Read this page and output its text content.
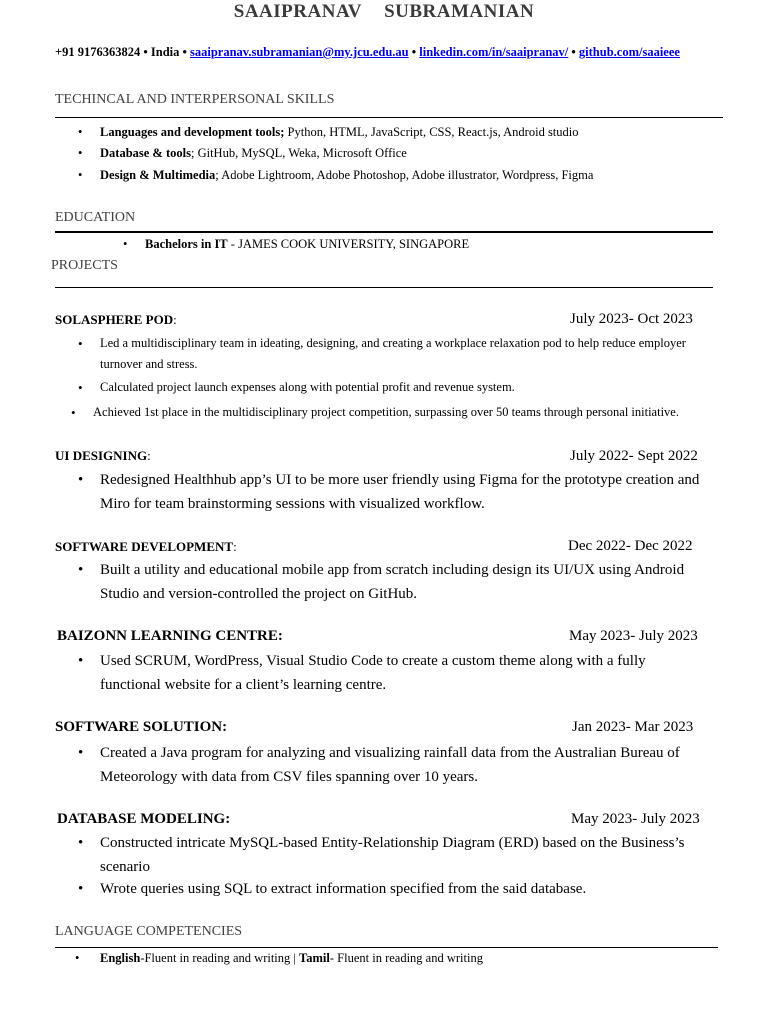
SAAIPRANAV  SUBRAMANIAN
+91 9176363824 • India • saaipranav.subramanian@my.jcu.edu.au • linkedin.com/in/saaipranav/ • github.com/saaieee
TECHINCAL AND INTERPERSONAL SKILLS
• Languages and development tools; Python, HTML, JavaScript, CSS, React.js, Android studio
• Database & tools; GitHub, MySQL, Weka, Microsoft Office
• Design & Multimedia; Adobe Lightroom, Adobe Photoshop, Adobe illustrator, Wordpress, Figma
EDUCATION
• Bachelors in IT - JAMES COOK UNIVERSITY, SINGAPORE
PROJECTS
SOLASPHERE POD:	July 2023- Oct 2023
• Led a multidisciplinary team in ideating, designing, and creating a workplace relaxation pod to help reduce employer turnover and stress.
• Calculated project launch expenses along with potential profit and revenue system.
• Achieved 1st place in the multidisciplinary project competition, surpassing over 50 teams through personal initiative.
UI DESIGNING:	July 2022- Sept 2022
• Redesigned Healthhub app’s UI to be more user friendly using Figma for the prototype creation and Miro for team brainstorming sessions with visualized workflow.
SOFTWARE DEVELOPMENT:	Dec 2022- Dec 2022
• Built a utility and educational mobile app from scratch including design its UI/UX using Android Studio and version-controlled the project on GitHub.
BAIZONN LEARNING CENTRE:	May 2023- July 2023
• Used SCRUM, WordPress, Visual Studio Code to create a custom theme along with a fully functional website for a client’s learning centre.
SOFTWARE SOLUTION:	Jan 2023- Mar 2023
• Created a Java program for analyzing and visualizing rainfall data from the Australian Bureau of Meteorology with data from CSV files spanning over 10 years.
DATABASE MODELING:	May 2023- July 2023
• Constructed intricate MySQL-based Entity-Relationship Diagram (ERD) based on the Business’s scenario
• Wrote queries using SQL to extract information specified from the said database.
LANGUAGE COMPETENCIES
• English-Fluent in reading and writing | Tamil- Fluent in reading and writing
